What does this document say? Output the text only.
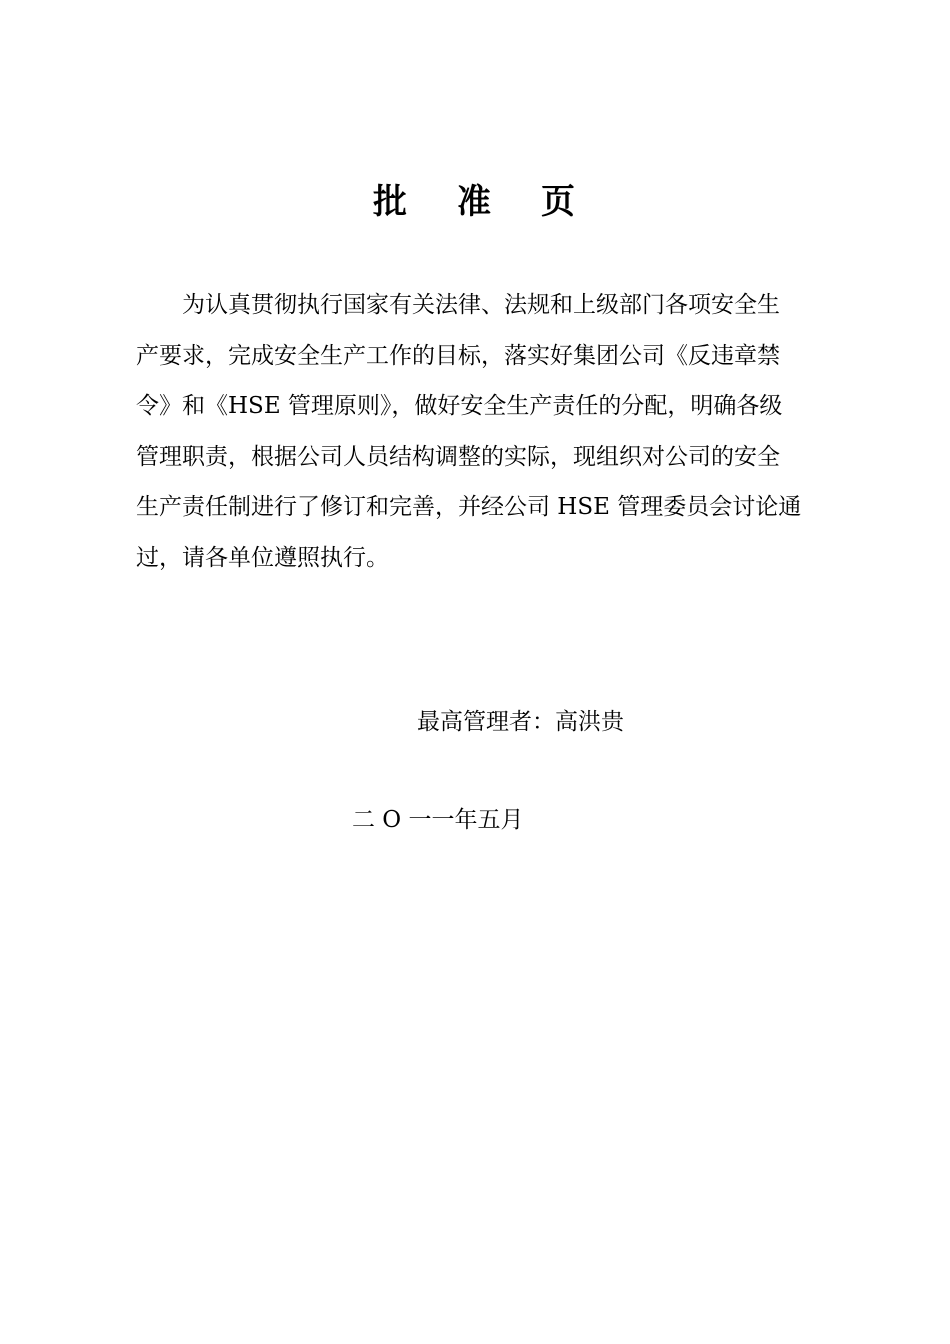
批 准 页
为认真贯彻执行国家有关法律、法规和上级部门各项安全生
产要求，完成安全生产工作的目标，落实好集团公司《反违章禁
令》和《HSE 管理原则》，做好安全生产责任的分配，明确各级
管理职责，根据公司人员结构调整的实际，现组织对公司的安全
生产责任制进行了修订和完善，并经公司 HSE 管理委员会讨论通
过，请各单位遵照执行。
最高管理者：高洪贵
二 O 一一年五月
